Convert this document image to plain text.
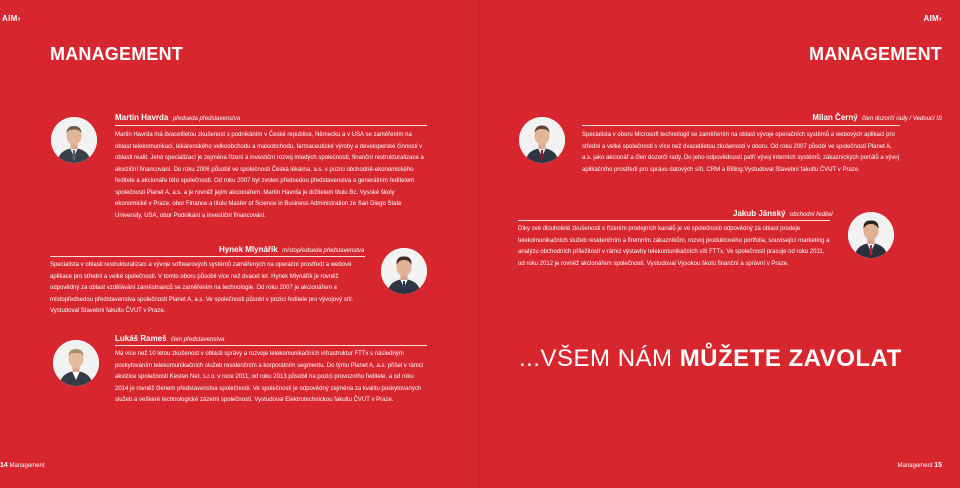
AIM›
MANAGEMENT
Martin Havrda předseda představenstva
Martin Havrda má dvacetiletou zkušenost s podnikáním v České republice, Německu a v USA se zaměřením na oblast telekomunikací, lékárenského velkoobchodu a maloobchodu, farmaceutické výroby a developerské činnosti v oblasti realit. Jeho specializací je zejména řízení a investiční rozvoj mladých společností, finanční restrukturalizace a akviziční financování. Do roku 2006 působil ve společnosti Česká lékárna, a.s. v pozici obchodně-ekonomického ředitele a akcionáře této společnosti. Od roku 2007 byl zvolen předsedou představenstva a generálním ředitelem společnosti Planet A, a.s. a je rovněž jejím akcionářem. Martin Havrda je držitelem titulu Bc. Vysoké školy ekonomické v Praze, obor Finance a titulu Master of Science in Business Administration ze San Diego State University, USA, obor Podnikání a investiční financování.
Hynek Mlynářík místopředseda představenstva
Specialista v oblasti restrukturalizací a vývoje softwarových systémů zaměřených na operační prostředí a webové aplikace pro střední a velké společnosti. V tomto oboru působil více než dvacet let. Hynek Mlynářík je rovněž odpovědný za oblast vzdělávání zaměstnanců se zaměřením na technologie. Od roku 2007 je akcionářem a místopředsedou představenstva společnosti Planet A, a.s. Ve společnosti působí v pozici ředitele pro vývojový sítí. Vystudoval Stavební fakultu ČVUT v Praze.
Lukáš Rameš člen představenstva
Má více než 10 letou zkušenost v oblasti správy a rozvoje telekomunikačních infrastruktur FTTx s následným poskytováním telekomunikačních služeb residenčním a korporátním segmentu. Do týmu Planet A, a.s. přišel v rámci akvizice společnosti Kesten Net, s.r.o. v roce 2011, od roku 2013 působil na pozici provozního ředitele, a od roku 2014 je rovněž členem představenstva společnosti. Ve společnosti je odpovědný zejména za kvalitu poskytovaných služeb a veškeré technologické zázemí společnosti. Vystudoval Elektrotechnickou fakultu ČVUT v Praze.
14 Management
AIM›
MANAGEMENT
Milan Černý člen dozorčí rady / Vedoucí IS
Specialista v oboru Microsoft technologií se zaměřením na oblast vývoje operačních systémů a webových aplikací pro střední a velké společnosti s více než dvacetiletou zkušeností v oboru. Od roku 2007 působí ve společnosti Planet A, a.s. jako akcionář a člen dozorčí rady. Do jeho odpovědnosti patří vývoj interních systémů, zákaznických portálů a vývoj aplikačního prostředí pro správu datových sítí, CRM a Billing.Vystudoval Stavební fakultu ČVUT v Praze.
Jakub Jánský obchodní ředitel
Díky své dlouholeté zkušenosti s řízením prodejních kanálů je ve společnosti odpovědný za oblast prodeje telekomunikačních služeb residenčním a firemním zákazníkům, rozvoj produktového portfolia, související marketing a analýzu obchodních příležitostí v rámci výstavby telekomunikačních sítí FTTx. Ve společnosti pracuje od roku 2011, od roku 2012 je rovněž akcionářem společnosti. Vystudoval Vysokou školu finanční a správní v Praze.
Management 15
...VŠEM NÁM MŮŽETE ZAVOLAT
